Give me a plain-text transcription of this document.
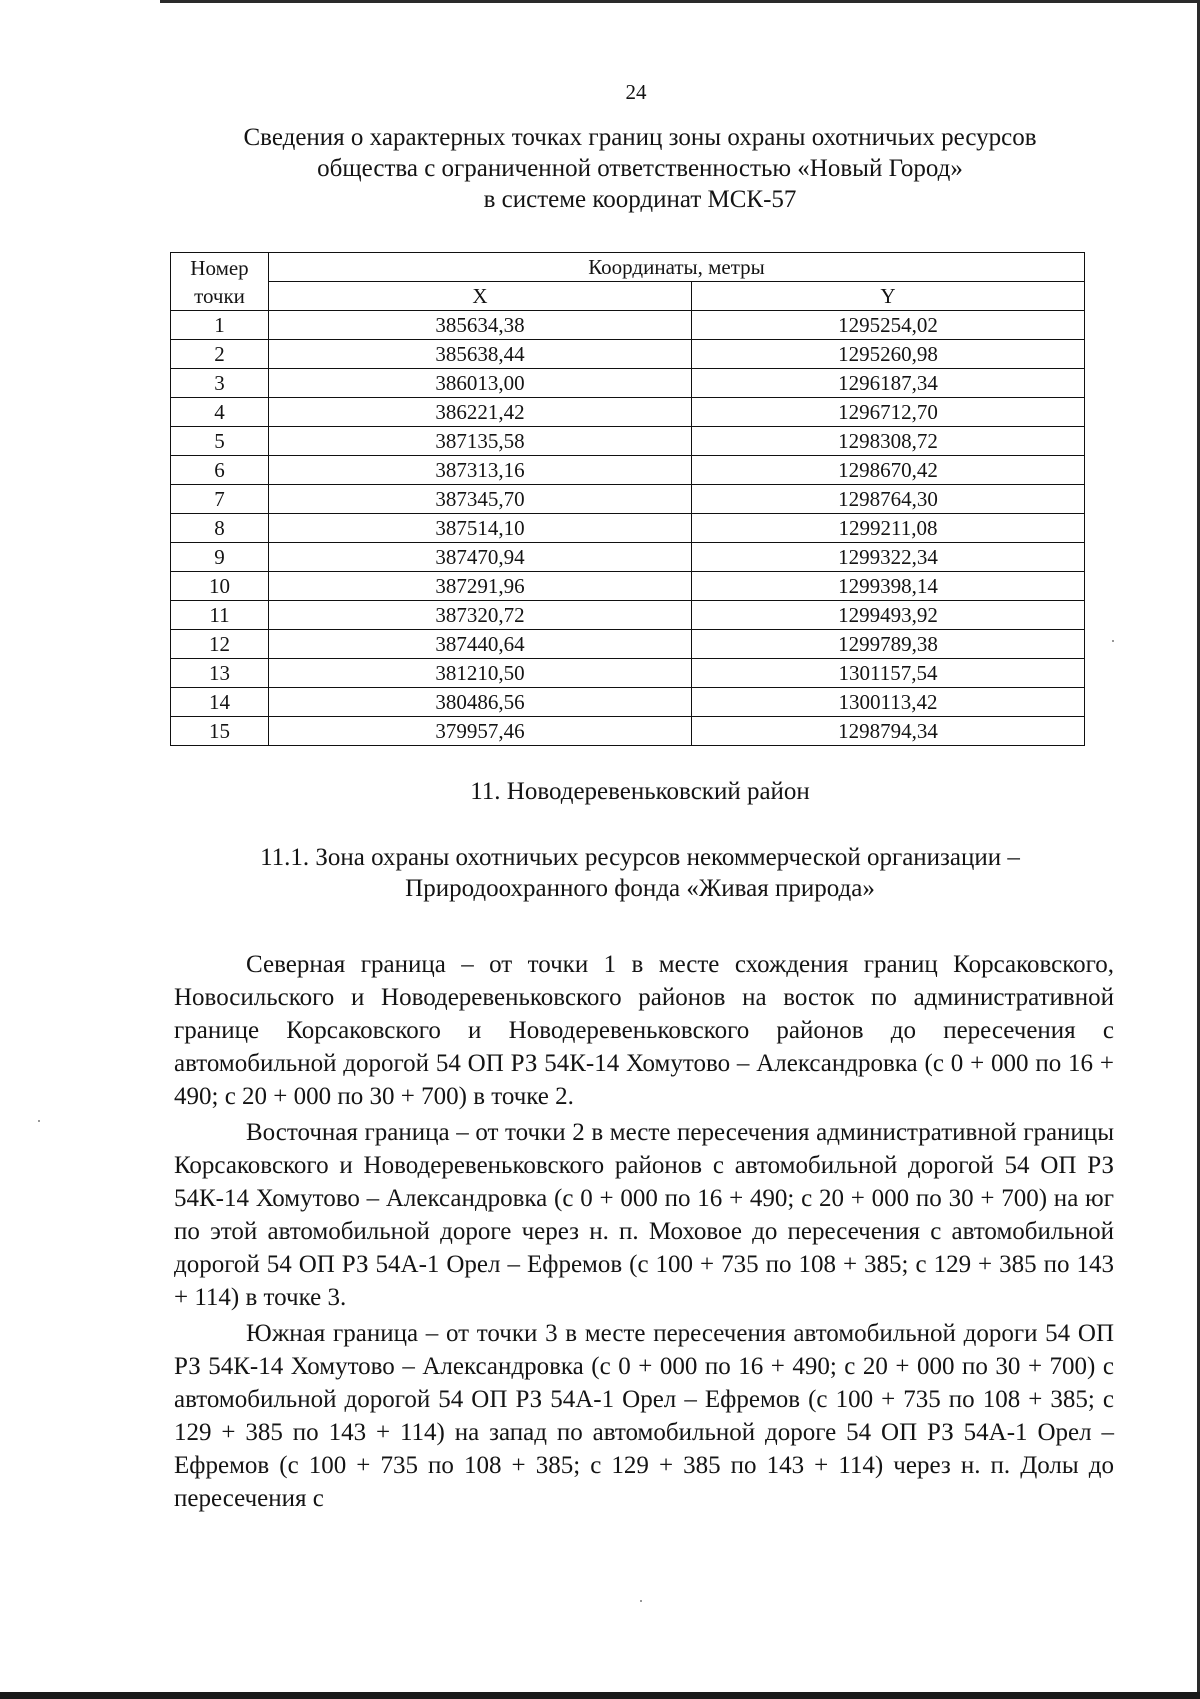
24
Сведения о характерных точках границ зоны охраны охотничьих ресурсов
общества с ограниченной ответственностью «Новый Город»
в системе координат МСК-57
Номер
точки	Координаты, метры	
	X	Y
1	385634,38	1295254,02
2	385638,44	1295260,98
3	386013,00	1296187,34
4	386221,42	1296712,70
5	387135,58	1298308,72
6	387313,16	1298670,42
7	387345,70	1298764,30
8	387514,10	1299211,08
9	387470,94	1299322,34
10	387291,96	1299398,14
11	387320,72	1299493,92
12	387440,64	1299789,38
13	381210,50	1301157,54
14	380486,56	1300113,42
15	379957,46	1298794,34
11. Новодеревеньковский район
11.1. Зона охраны охотничьих ресурсов некоммерческой организации –
Природоохранного фонда «Живая природа»

Северная граница – от точки 1 в месте схождения границ Корсаковского, Новосильского и Новодеревеньковского районов на восток по административной границе Корсаковского и Новодеревеньковского районов до пересечения с автомобильной дорогой 54 ОП РЗ 54К-14 Хомутово – Александровка (с 0 + 000 по 16 + 490; с 20 + 000 по 30 + 700) в точке 2.

Восточная граница – от точки 2 в месте пересечения административной границы Корсаковского и Новодеревеньковского районов с автомобильной дорогой 54 ОП РЗ 54К-14 Хомутово – Александровка (с 0 + 000 по 16 + 490; с 20 + 000 по 30 + 700) на юг по этой автомобильной дороге через н. п. Моховое до пересечения с автомобильной дорогой 54 ОП РЗ 54А-1 Орел – Ефремов (с 100 + 735 по 108 + 385; с 129 + 385 по 143 + 114) в точке 3.

Южная граница – от точки 3 в месте пересечения автомобильной дороги 54 ОП РЗ 54К-14 Хомутово – Александровка (с 0 + 000 по 16 + 490; с 20 + 000 по 30 + 700) с автомобильной дорогой 54 ОП РЗ 54А-1 Орел – Ефремов (с 100 + 735 по 108 + 385; с 129 + 385 по 143 + 114) на запад по автомобильной дороге 54 ОП РЗ 54А-1 Орел – Ефремов (с 100 + 735 по 108 + 385; с 129 + 385 по 143 + 114) через н. п. Долы до пересечения с
